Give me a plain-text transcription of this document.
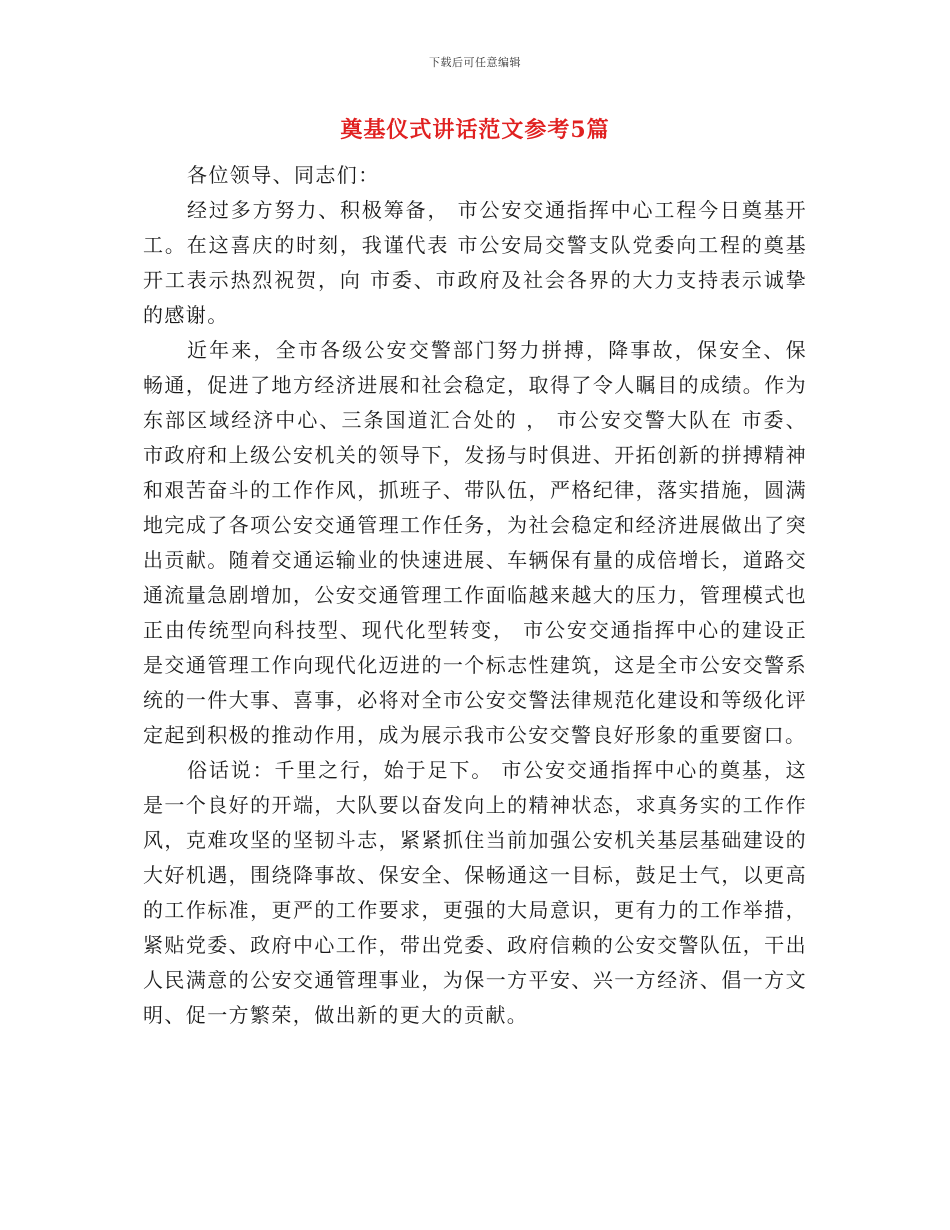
下载后可任意编辑
奠基仪式讲话范文参考5篇

各位领导、同志们：

经过多方努力、积极筹备， 市公安交通指挥中心工程今日奠基开工。在这喜庆的时刻，我谨代表 市公安局交警支队党委向工程的奠基开工表示热烈祝贺，向 市委、市政府及社会各界的大力支持表示诚挚的感谢。

近年来，全市各级公安交警部门努力拼搏，降事故，保安全、保畅通，促进了地方经济进展和社会稳定，取得了令人瞩目的成绩。作为 东部区域经济中心、三条国道汇合处的 ， 市公安交警大队在 市委、市政府和上级公安机关的领导下，发扬与时俱进、开拓创新的拼搏精神和艰苦奋斗的工作作风，抓班子、带队伍，严格纪律，落实措施，圆满地完成了各项公安交通管理工作任务，为社会稳定和经济进展做出了突出贡献。随着交通运输业的快速进展、车辆保有量的成倍增长，道路交通流量急剧增加，公安交通管理工作面临越来越大的压力，管理模式也正由传统型向科技型、现代化型转变， 市公安交通指挥中心的建设正是交通管理工作向现代化迈进的一个标志性建筑，这是全市公安交警系统的一件大事、喜事，必将对全市公安交警法律规范化建设和等级化评定起到积极的推动作用，成为展示我市公安交警良好形象的重要窗口。

俗话说：千里之行，始于足下。 市公安交通指挥中心的奠基，这是一个良好的开端，大队要以奋发向上的精神状态，求真务实的工作作风，克难攻坚的坚韧斗志，紧紧抓住当前加强公安机关基层基础建设的大好机遇，围绕降事故、保安全、保畅通这一目标，鼓足士气，以更高的工作标准，更严的工作要求，更强的大局意识，更有力的工作举措，紧贴党委、政府中心工作，带出党委、政府信赖的公安交警队伍，干出人民满意的公安交通管理事业，为保一方平安、兴一方经济、倡一方文明、促一方繁荣，做出新的更大的贡献。
